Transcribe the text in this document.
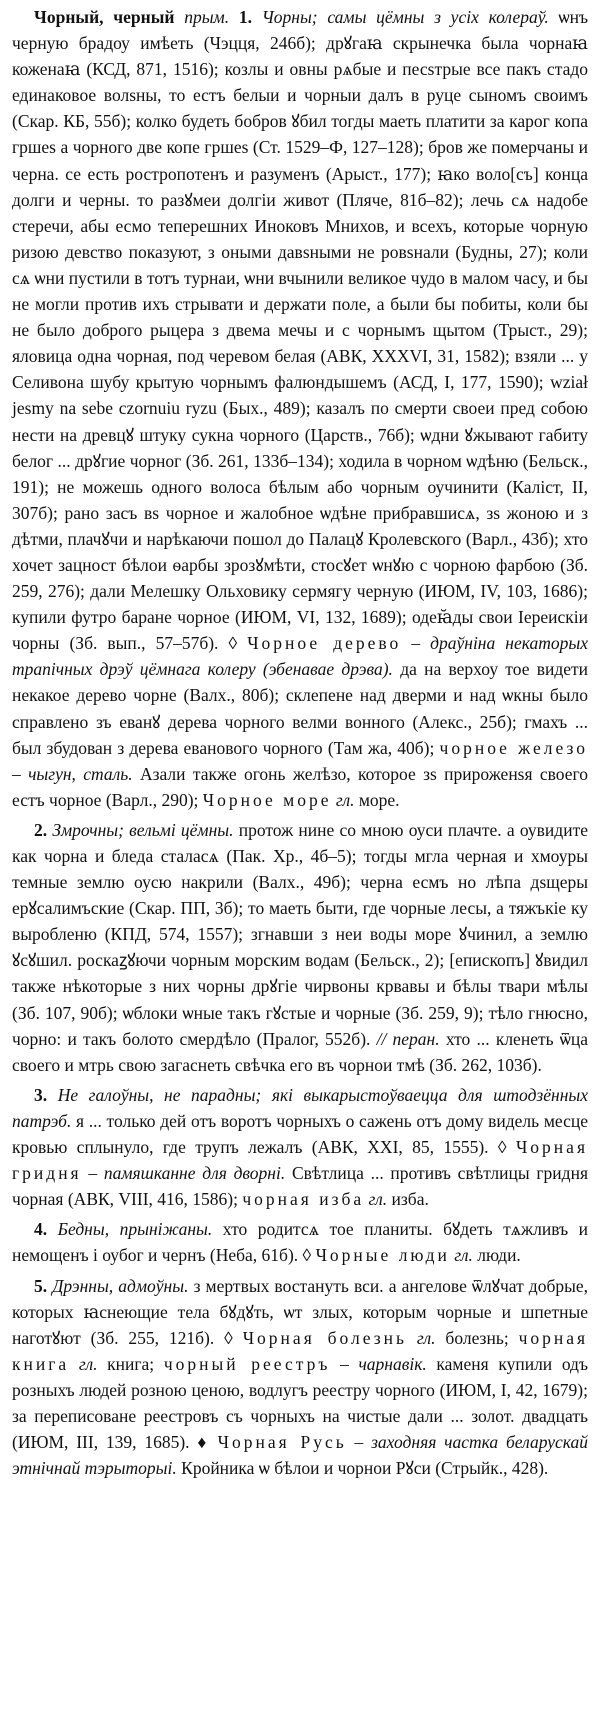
Чорный, черный прым. 1. Чорны; самы цёмны з усіх колераў. ѡнъ черную брадоу имѣеть (Чэцця, 246б); дрꙋгаꙗ скрынечка была чорнаꙗ коженаꙗ (КСД, 871, 1516); козлы и овны рѧбые и песѕтрые все пакъ стадо единаковое волѕны, то естъ белыи и чорныи далъ в руце сыномъ своимъ (Скар. КБ, 55б); колко будеть бобров ꙋбил тогды маеть платити за карог копа гршеѕ а чорного две копе гршеѕ (Ст. 1529–Ф, 127–128); бров же померчаны и черна. се есть ростропотенъ и разуменъ (Арыст., 177); ꙗко воло[съ] конца долги и черны. то разꙋмеи долгіи живот (Пляче, 81б–82); лечь сѧ надобе стеречи, абы есмо теперешних Иноковъ Мнихов, и всехъ, которые чорную ризою девство показуют, з оными давѕными не ровѕнали (Будны, 27); коли сѧ ѡни пустили в тотъ турнаи, ѡни вчынили великое чудо в малом часу, и бы не могли против ихъ стрывати и держати поле, а были бы побиты, коли бы не было доброго рыцера з двема мечы и с чорнымъ щытом (Трыст., 29); яловица одна чорная, под черевом белая (АВК, XXXVI, 31, 1582); взяли ... у Селивона шубу крытую чорнымъ фалюндышемъ (АСД, I, 177, 1590); wział jesmy na sebe czornuiu ryzu (Бых., 489); казалъ по смерти своеи пред собою нести на древцꙋ штуку сукна чорного (Царств., 76б); ѡдни ꙋжывают габиту белог ... дрꙋгие чорног (Зб. 261, 133б–134); ходила в чорном ѡдѣню (Бельск., 191); не можешь одного волоса бѣлым або чорным оучинити (Каліст, II, 307б); рано засъ вѕ чорное и жалобное ѡдѣне прибравшисѧ, зѕ жоною и з дѣтми, плачꙋчи и нарѣкаючи пошол до Палацꙋ Кролевского (Варл., 43б); хто хочет зацност бѣлои ѳарбы зрозꙋмѣти, стосꙋет ѡнꙋю с чорною фарбою (Зб. 259, 276); дали Мелешку Ольховику сермягу черную (ИЮМ, IV, 103, 1686); купили футро баране чорное (ИЮМ, VI, 132, 1689); одеꙗ̆ды свои Іереискіи чорны (Зб. вып., 57–57б). ◊ Чорное дерево – драўніна некаторых трапічных дрэў цёмнага колеру (эбенавае дрэва). да на верхоу тое видети некакое дерево чорне (Валх., 80б); склепене над дверми и над ѡкны было справлено зъ еванꙋ дерева чорного велми вонного (Алекс., 25б); гмахъ ... был збудован з дерева еванового чорного (Там жа, 40б); чорное железо – чыгун, сталь. Азали также огонь желѣзо, которое зѕ прироженѕя своего естъ чорное (Варл., 290); Чорное море гл. море.

2. Змрочны; вельмі цёмны. протож нине со мною оуси плачте. а оувидите как чорна и бледа сталасѧ (Пак. Хр., 4б–5); тогды мгла черная и хмоуры темные землю оусю накрили (Валх., 49б); черна есмъ но лѣпа дѕщеры ерꙋсалимъские (Скар. ПП, 3б); то маеть быти, где чорные лесы, а тяжъкіе ку выробленю (КПД, 574, 1557); згнавши з неи воды море ꙋчинил, а землю ꙋсꙋшил. роскаꙁꙋючи чорным морским водам (Бельск., 2); [епископъ] ꙋвидил также нѣкоторые з них чорны дрꙋгіе чирвоны крвавы и бѣлы твари мѣлы (Зб. 107, 90б); ѡблоки ѡные такъ гꙋстые и чорные (Зб. 259, 9); тѣло гнюсно, чорно: и такъ болото смердѣло (Пралог, 552б). // перан. хто ... кленеть ѿца своего и мтрь свою загаснеть свѣчка его въ чорнои тмѣ (Зб. 262, 103б).

3. Не галоўны, не парадны; які выкарыстоўваецца для штодзённых патрэб. я ... только дей отъ воротъ чорныхъ о сажень отъ дому видель месце кровью сплынуло, где трупъ лежалъ (АВК, XXI, 85, 1555). ◊ Чорная гридня – памяшканне для дворні. Свѣтлица ... противъ свѣтлицы гридня чорная (АВК, VIII, 416, 1586); чорная изба гл. изба.

4. Бедны, прыніжаны. хто родитсѧ тое планиты. бꙋдеть тѧжливъ и немощенъ і оубог и чернъ (Неба, 61б). ◊ Чорные люди гл. люди.

5. Дрэнны, адмоўны. з мертвых востануть вси. а ангелове ѿлꙋчат добрые, которых ꙗснеющие тела бꙋдꙋть, ѡт злых, которым чорные и шпетные наготꙋют (Зб. 255, 121б). ◊ Чорная болезнь гл. болезнь; чорная книга гл. книга; чорный реестръ – чарнавік. каменя купили одъ розныхъ людей розною ценою, водлугъ реестру чорного (ИЮМ, I, 42, 1679); за переписоване реестровъ съ чорныхъ на чистые дали ... золот. двадцать (ИЮМ, III, 139, 1685). ♦ Чорная Русь – заходняя частка беларускай этнічнай тэрыторыі. Кройника ѡ бѣлои и чорнои Рꙋси (Стрыйк., 428).
